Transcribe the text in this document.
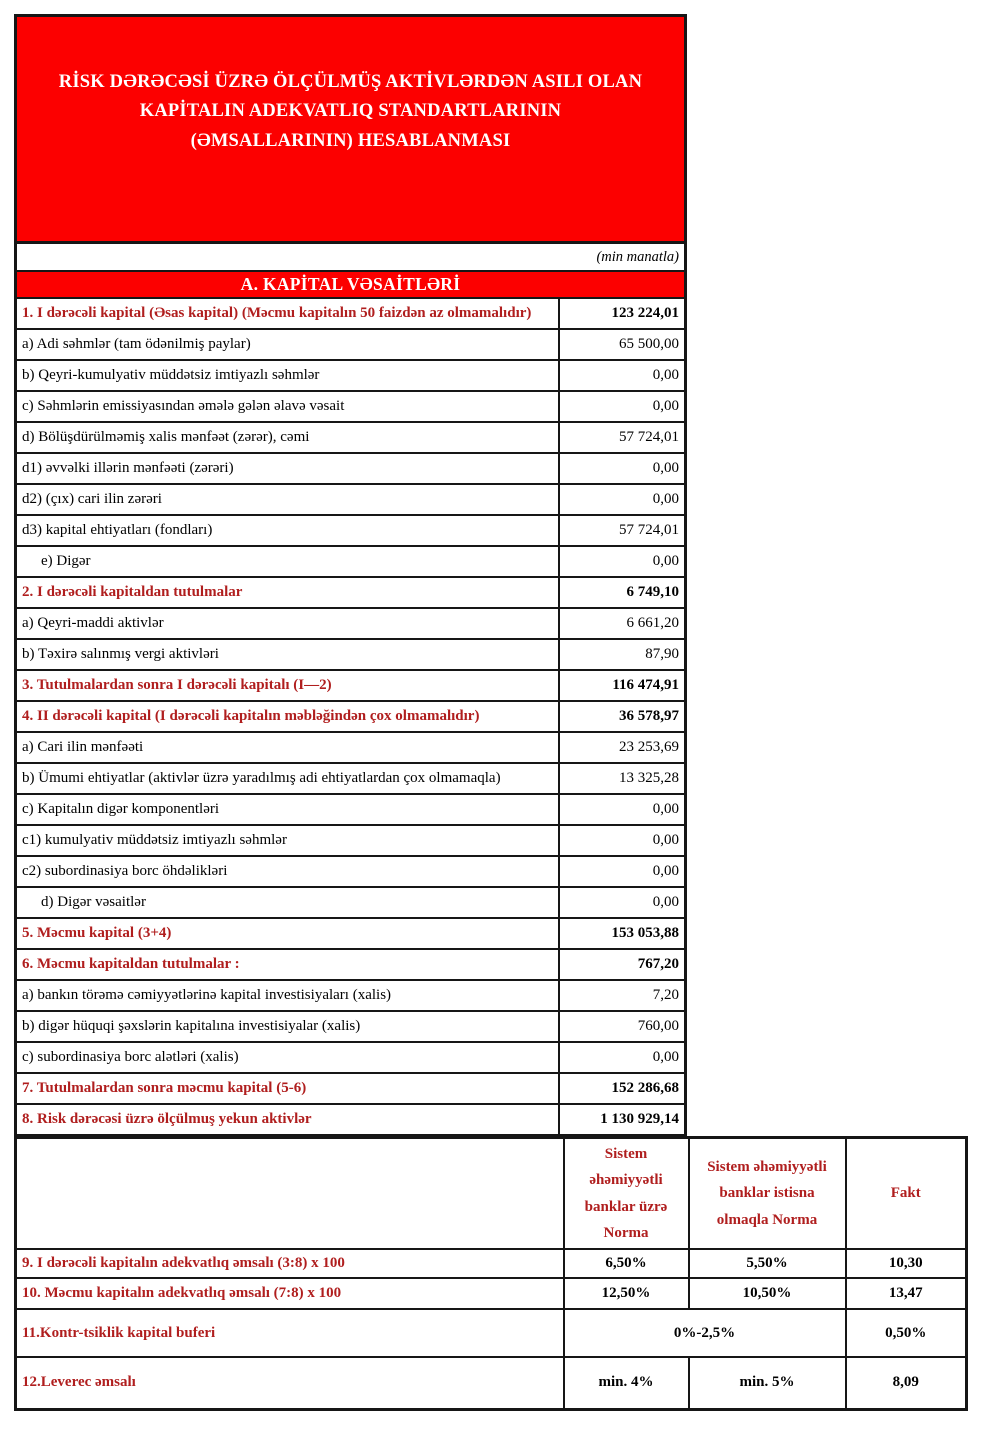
RİSK DƏRƏCƏSİ ÜZRƏ ÖLÇÜLMÜŞ AKTİVLƏRDƏN ASILI OLAN
KAPİTALIN ADEKVATLIQ STANDARTLARININ
(ƏMSALLARININ) HESABLANMASI
(min manatla)
A. KAPİTAL VƏSAİTLƏRİ
1. I dərəcəli kapital (Əsas kapital) (Məcmu kapitalın 50 faizdən az olmamalıdır)	123 224,01
a) Adi səhmlər (tam ödənilmiş paylar)	65 500,00
b) Qeyri-kumulyativ müddətsiz imtiyazlı səhmlər	0,00
c) Səhmlərin emissiyasından əmələ gələn əlavə vəsait	0,00
d) Bölüşdürülməmiş xalis mənfəət (zərər), cəmi	57 724,01
d1) əvvəlki illərin mənfəəti (zərəri)	0,00
d2) (çıx) cari ilin zərəri	0,00
d3) kapital ehtiyatları (fondları)	57 724,01
e) Digər	0,00
2. I dərəcəli kapitaldan tutulmalar	6 749,10
a) Qeyri-maddi aktivlər	6 661,20
b) Təxirə salınmış vergi aktivləri	87,90
3. Tutulmalardan sonra I dərəcəli kapitalı (I—2)	116 474,91
4. II dərəcəli kapital (I dərəcəli kapitalın məbləğindən çox olmamalıdır)	36 578,97
a) Cari ilin mənfəəti	23 253,69
b) Ümumi ehtiyatlar (aktivlər üzrə yaradılmış adi ehtiyatlardan çox olmamaqla)	13 325,28
c) Kapitalın digər komponentləri	0,00
c1) kumulyativ müddətsiz imtiyazlı səhmlər	0,00
c2) subordinasiya borc öhdəlikləri	0,00
d) Digər vəsaitlər	0,00
5. Məcmu kapital (3+4)	153 053,88
6. Məcmu kapitaldan tutulmalar :	767,20
a) bankın törəmə cəmiyyətlərinə kapital investisiyaları (xalis)	7,20
b) digər hüquqi şəxslərin kapitalına investisiyalar (xalis)	760,00
c) subordinasiya borc alətləri (xalis)	0,00
7. Tutulmalardan sonra məcmu kapital (5-6)	152 286,68
8. Risk dərəcəsi üzrə ölçülmuş yekun aktivlər	1 130 929,14
	Sistem əhəmiyyətli banklar üzrə Norma	Sistem əhəmiyyətli banklar istisna olmaqla Norma	Fakt
9. I dərəcəli kapitalın adekvatlıq əmsalı (3:8) x 100	6,50%	5,50%	10,30
10. Məcmu kapitalın adekvatlıq əmsalı (7:8) x 100	12,50%	10,50%	13,47
11.Kontr-tsiklik kapital buferi	0%-2,5%		0,50%
12.Leverec əmsalı	min. 4%	min. 5%	8,09
